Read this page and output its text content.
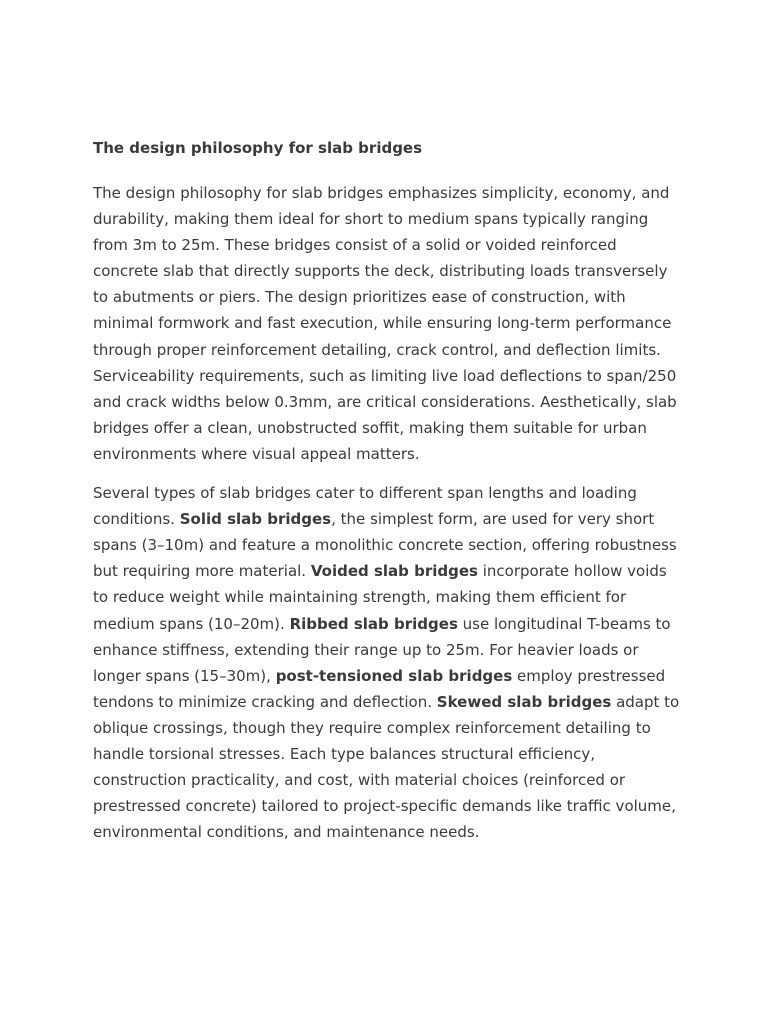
The design philosophy for slab bridges

The design philosophy for slab bridges emphasizes simplicity, economy, and durability, making them ideal for short to medium spans typically ranging from 3m to 25m. These bridges consist of a solid or voided reinforced concrete slab that directly supports the deck, distributing loads transversely to abutments or piers. The design prioritizes ease of construction, with minimal formwork and fast execution, while ensuring long-term performance through proper reinforcement detailing, crack control, and deflection limits. Serviceability requirements, such as limiting live load deflections to span/250 and crack widths below 0.3mm, are critical considerations. Aesthetically, slab bridges offer a clean, unobstructed soffit, making them suitable for urban environments where visual appeal matters.

Several types of slab bridges cater to different span lengths and loading conditions. Solid slab bridges, the simplest form, are used for very short spans (3–10m) and feature a monolithic concrete section, offering robustness but requiring more material. Voided slab bridges incorporate hollow voids to reduce weight while maintaining strength, making them efficient for medium spans (10–20m). Ribbed slab bridges use longitudinal T-beams to enhance stiffness, extending their range up to 25m. For heavier loads or longer spans (15–30m), post-tensioned slab bridges employ prestressed tendons to minimize cracking and deflection. Skewed slab bridges adapt to oblique crossings, though they require complex reinforcement detailing to handle torsional stresses. Each type balances structural efficiency, construction practicality, and cost, with material choices (reinforced or prestressed concrete) tailored to project-specific demands like traffic volume, environmental conditions, and maintenance needs.
